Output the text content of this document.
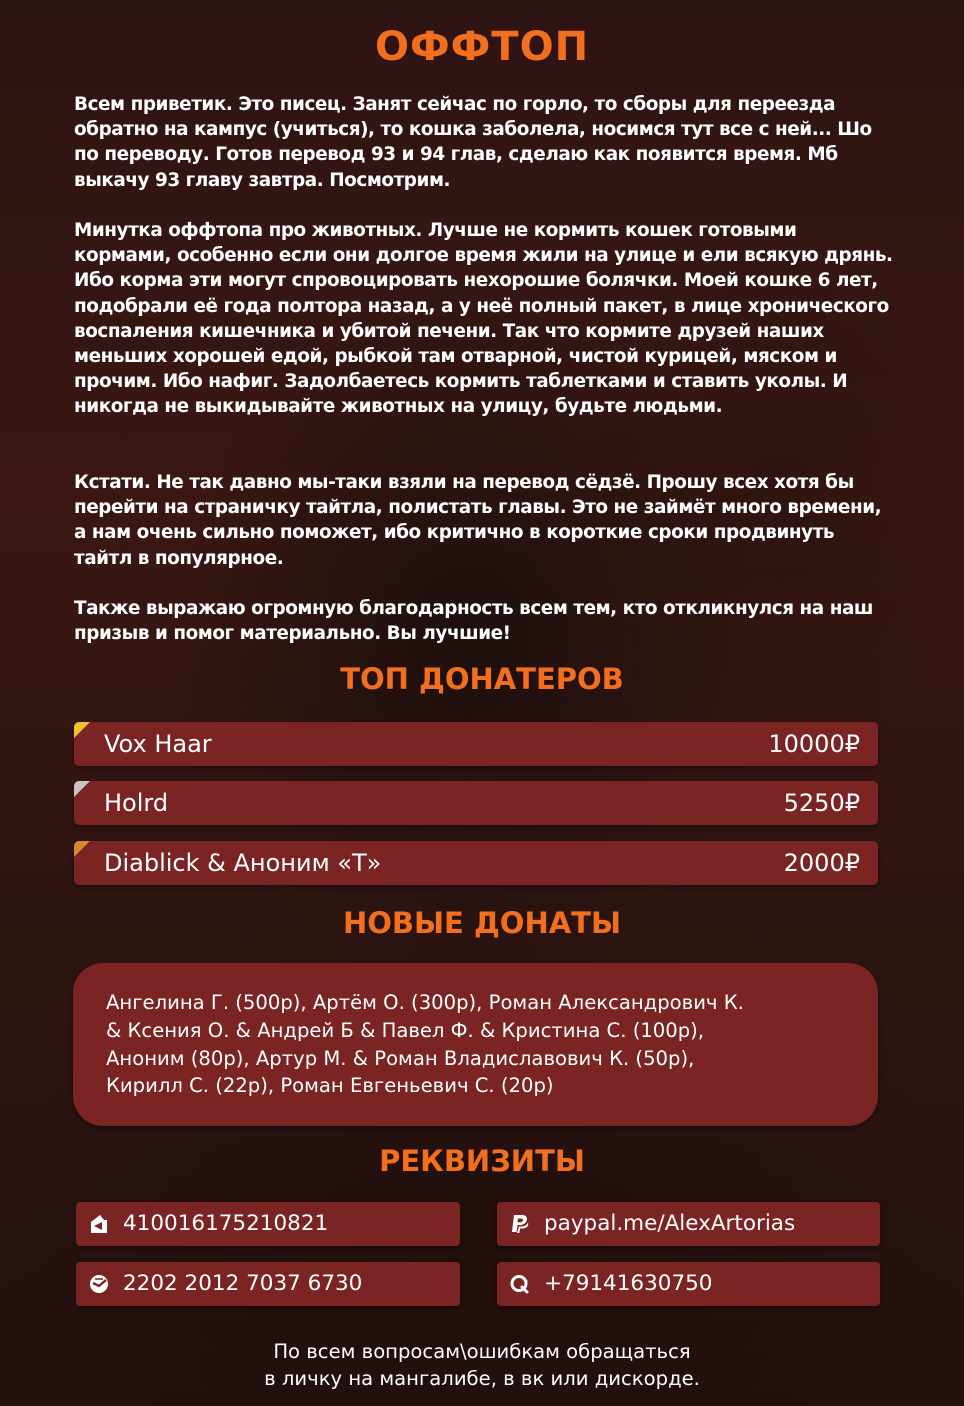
ОФФТОП
Всем приветик. Это писец. Занят сейчас по горло, то сборы для переезда обратно на кампус (учиться), то кошка заболела, носимся тут все с ней... Шо по переводу. Готов перевод 93 и 94 глав, сделаю как появится время. Мб выкачу 93 главу завтра. Посмотрим.
Минутка оффтопа про животных. Лучше не кормить кошек готовыми кормами, особенно если они долгое время жили на улице и ели всякую дрянь. Ибо корма эти могут спровоцировать нехорошие болячки. Моей кошке 6 лет, подобрали её года полтора назад, а у неё полный пакет, в лице хронического воспаления кишечника и убитой печени. Так что кормите друзей наших меньших хорошей едой, рыбкой там отварной, чистой курицей, мяском и прочим. Ибо нафиг. Задолбаетесь кормить таблетками и ставить уколы. И никогда не выкидывайте животных на улицу, будьте людьми.
Кстати. Не так давно мы-таки взяли на перевод сёдзё. Прошу всех хотя бы перейти на страничку тайтла, полистать главы. Это не займёт много времени, а нам очень сильно поможет, ибо критично в короткие сроки продвинуть тайтл в популярное.
Также выражаю огромную благодарность всем тем, кто откликнулся на наш призыв и помог материально. Вы лучшие!
ТОП ДОНАТЕРОВ
Vox Haar	10000₽
Holrd	5250₽
Diablick & Аноним «Т»	2000₽
НОВЫЕ ДОНАТЫ
Ангелина Г. (500р), Артём О. (300р), Роман Александрович К.
& Ксения О. & Андрей Б & Павел Ф. & Кристина С. (100р),
Аноним (80р), Артур М. & Роман Владиславович К. (50р),
Кирилл С. (22р), Роман Евгеньевич С. (20р)
РЕКВИЗИТЫ
410016175210821	paypal.me/AlexArtorias
2202 2012 7037 6730	+79141630750
По всем вопросам\ошибкам обращаться
в личку на мангалибе, в вк или дискорде.
